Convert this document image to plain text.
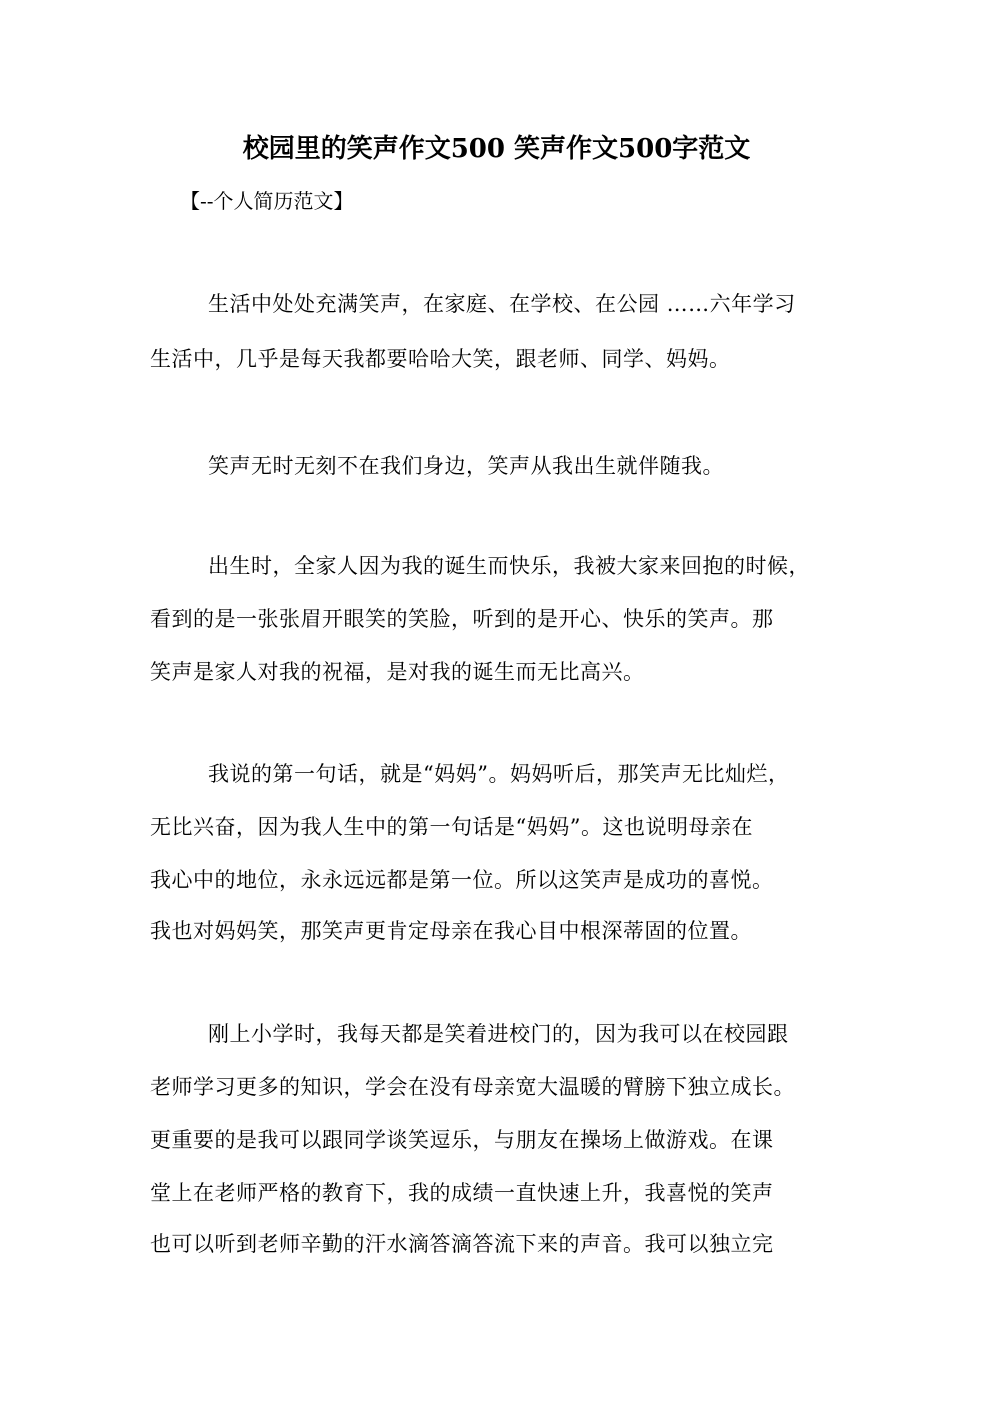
校园里的笑声作文500 笑声作文500字范文
【--个人简历范文】
生活中处处充满笑声，在家庭、在学校、在公园 ……六年学习
生活中，几乎是每天我都要哈哈大笑，跟老师、同学、妈妈。
笑声无时无刻不在我们身边，笑声从我出生就伴随我。
出生时，全家人因为我的诞生而快乐，我被大家来回抱的时候，
看到的是一张张眉开眼笑的笑脸，听到的是开心、快乐的笑声。那
笑声是家人对我的祝福，是对我的诞生而无比高兴。
我说的第一句话，就是“妈妈”。妈妈听后，那笑声无比灿烂，
无比兴奋，因为我人生中的第一句话是“妈妈”。这也说明母亲在
我心中的地位，永永远远都是第一位。所以这笑声是成功的喜悦。
我也对妈妈笑，那笑声更肯定母亲在我心目中根深蒂固的位置。
刚上小学时，我每天都是笑着进校门的，因为我可以在校园跟
老师学习更多的知识，学会在没有母亲宽大温暖的臂膀下独立成长。
更重要的是我可以跟同学谈笑逗乐，与朋友在操场上做游戏。在课
堂上在老师严格的教育下，我的成绩一直快速上升，我喜悦的笑声
也可以听到老师辛勤的汗水滴答滴答流下来的声音。我可以独立完
